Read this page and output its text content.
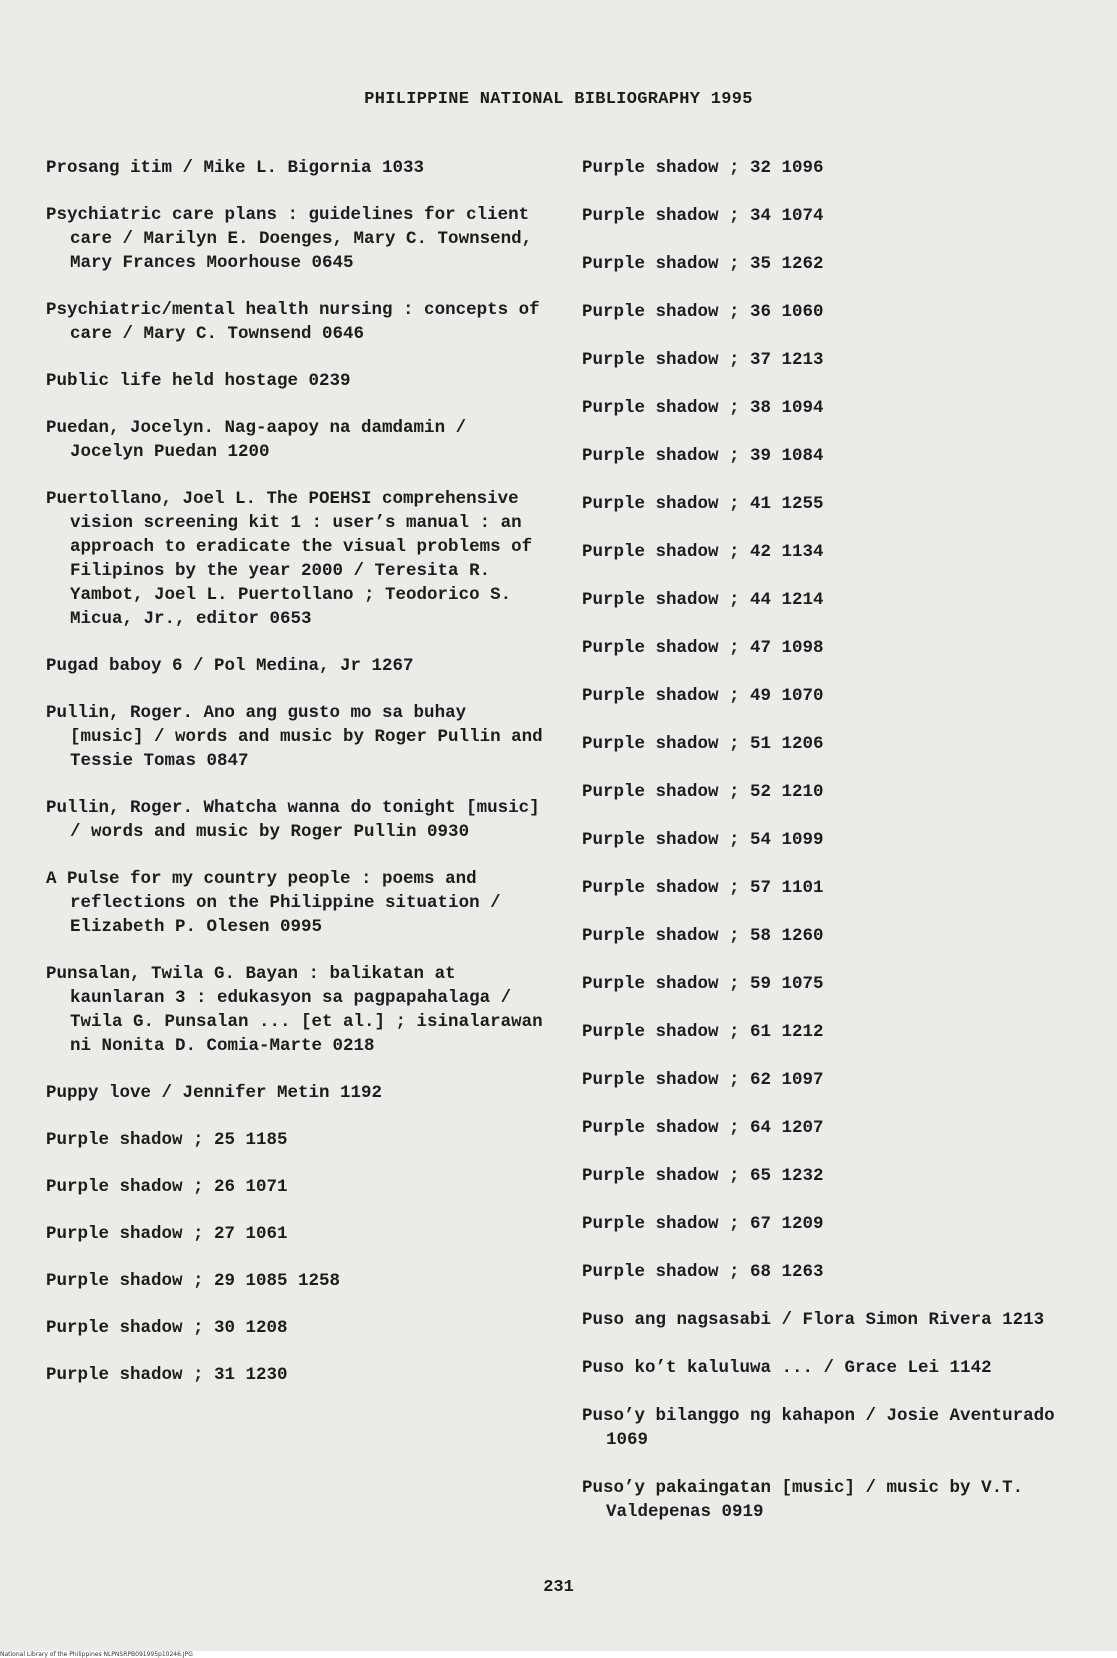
PHILIPPINE NATIONAL BIBLIOGRAPHY 1995
Prosang itim / Mike L. Bigornia 1033
Psychiatric care plans : guidelines for client care / Marilyn E. Doenges, Mary C. Townsend, Mary Frances Moorhouse 0645
Psychiatric/mental health nursing : concepts of care / Mary C. Townsend 0646
Public life held hostage 0239
Puedan, Jocelyn. Nag-aapoy na damdamin / Jocelyn Puedan 1200
Puertollano, Joel L. The POEHSI comprehensive vision screening kit 1 : user’s manual : an approach to eradicate the visual problems of Filipinos by the year 2000 / Teresita R. Yambot, Joel L. Puertollano ; Teodorico S. Micua, Jr., editor 0653
Pugad baboy 6 / Pol Medina, Jr 1267
Pullin, Roger. Ano ang gusto mo sa buhay [music] / words and music by Roger Pullin and Tessie Tomas 0847
Pullin, Roger. Whatcha wanna do tonight [music] / words and music by Roger Pullin 0930
A Pulse for my country people : poems and reflections on the Philippine situation / Elizabeth P. Olesen 0995
Punsalan, Twila G. Bayan : balikatan at kaunlaran 3 : edukasyon sa pagpapahalaga / Twila G. Punsalan ... [et al.] ; isinalarawan ni Nonita D. Comia-Marte 0218
Puppy love / Jennifer Metin 1192
Purple shadow ; 25 1185
Purple shadow ; 26 1071
Purple shadow ; 27 1061
Purple shadow ; 29 1085 1258
Purple shadow ; 30 1208
Purple shadow ; 31 1230
Purple shadow ; 32 1096
Purple shadow ; 34 1074
Purple shadow ; 35 1262
Purple shadow ; 36 1060
Purple shadow ; 37 1213
Purple shadow ; 38 1094
Purple shadow ; 39 1084
Purple shadow ; 41 1255
Purple shadow ; 42 1134
Purple shadow ; 44 1214
Purple shadow ; 47 1098
Purple shadow ; 49 1070
Purple shadow ; 51 1206
Purple shadow ; 52 1210
Purple shadow ; 54 1099
Purple shadow ; 57 1101
Purple shadow ; 58 1260
Purple shadow ; 59 1075
Purple shadow ; 61 1212
Purple shadow ; 62 1097
Purple shadow ; 64 1207
Purple shadow ; 65 1232
Purple shadow ; 67 1209
Purple shadow ; 68 1263
Puso ang nagsasabi / Flora Simon Rivera 1213
Puso ko’t kaluluwa ... / Grace Lei 1142
Puso’y bilanggo ng kahapon / Josie Aventurado 1069
Puso’y pakaingatan [music] / music by V.T. Valdepenas 0919
231
National Library of the Philippines NLPNSRPB091995p10246.JPG
